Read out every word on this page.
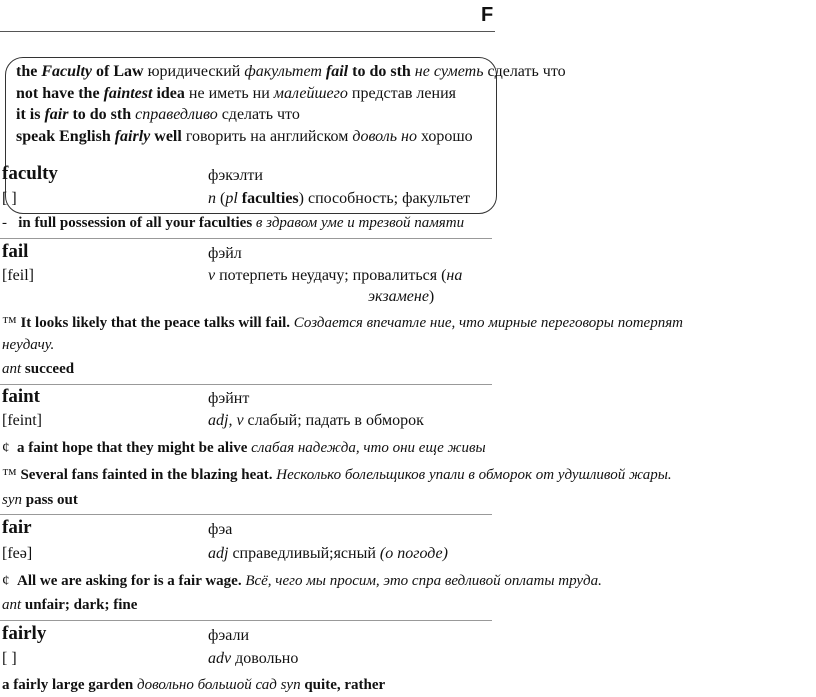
F
the Faculty of Law юридический факультет fail to do sth не суметь сделать что
not have the faintest idea не иметь ни малейшего представ ления
it is fair to do sth справедливо сделать что
speak English fairly well говорить на английском доволь но хорошо
faculty	фэкэлти
[ ]	n (pl faculties) способность; факультет
- in full possession of all your faculties в здравом уме и трезвой памяти
fail	фэйл
[feil]	v потерпеть неудачу; провалиться (на
экзамене)
™ It looks likely that the peace talks will fail. Создается впечатле ние, что мирные переговоры потерпят
неудачу.
ant succeed
faint	фэйнт
[feint]	adj, v слабый; падать в обморок
¢ a faint hope that they might be alive слабая надежда, что они еще живы
™ Several fans fainted in the blazing heat. Несколько болельщиков упали в обморок от удушливой жары.
syn pass out
fair	фэа
[feə]	adj справедливый;ясный (о погоде)
¢ All we are asking for is a fair wage. Всё, чего мы просим, это спра ведливой оплаты труда.
ant unfair; dark; fine
fairly	фэали
[ ]	adv довольно
a fairly large garden довольно большой сад syn quite, rather
